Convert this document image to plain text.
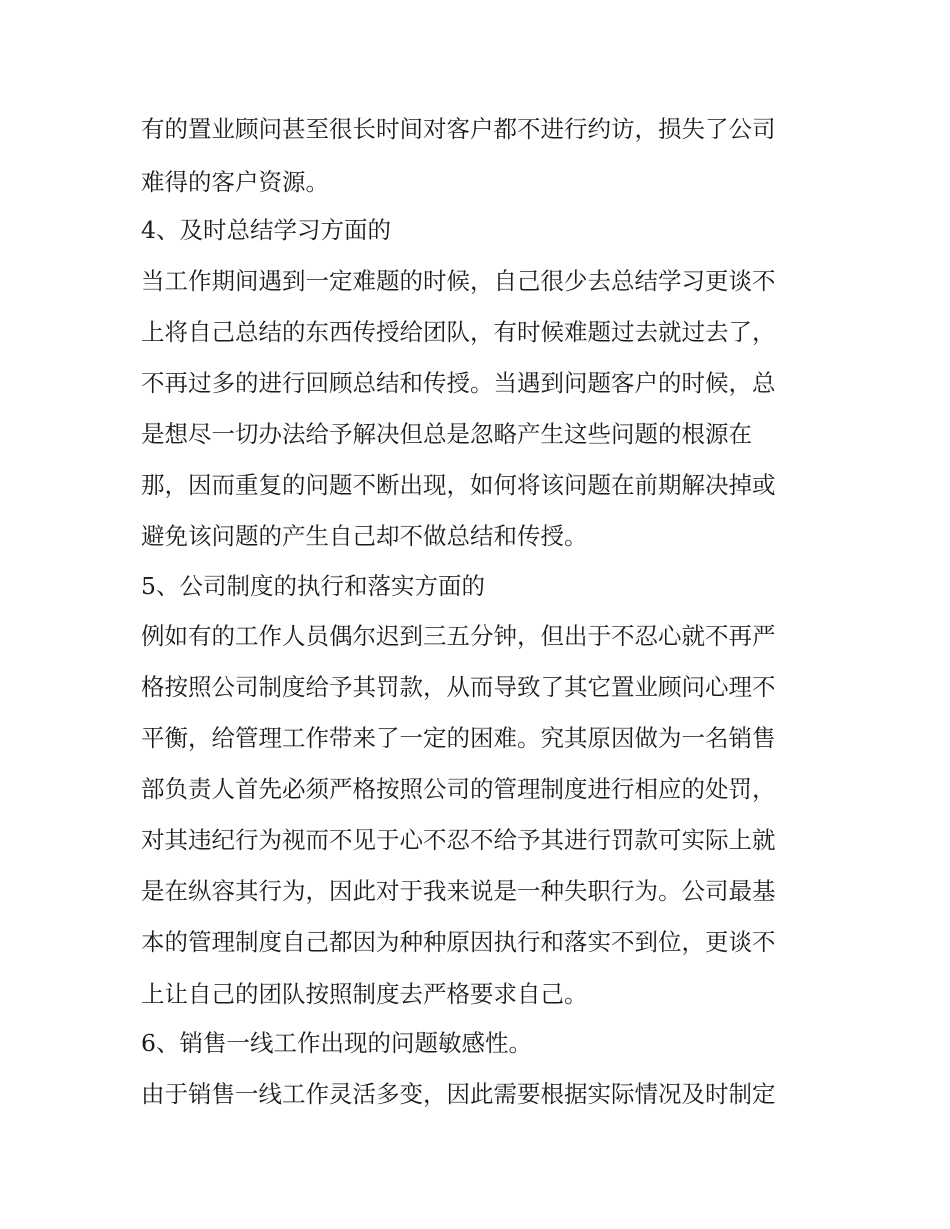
有的置业顾问甚至很长时间对客户都不进行约访，损失了公司
难得的客户资源。
4、及时总结学习方面的
当工作期间遇到一定难题的时候，自己很少去总结学习更谈不
上将自己总结的东西传授给团队，有时候难题过去就过去了，
不再过多的进行回顾总结和传授。当遇到问题客户的时候，总
是想尽一切办法给予解决但总是忽略产生这些问题的根源在
那，因而重复的问题不断出现，如何将该问题在前期解决掉或
避免该问题的产生自己却不做总结和传授。
5、公司制度的执行和落实方面的
例如有的工作人员偶尔迟到三五分钟，但出于不忍心就不再严
格按照公司制度给予其罚款，从而导致了其它置业顾问心理不
平衡，给管理工作带来了一定的困难。究其原因做为一名销售
部负责人首先必须严格按照公司的管理制度进行相应的处罚，
对其违纪行为视而不见于心不忍不给予其进行罚款可实际上就
是在纵容其行为，因此对于我来说是一种失职行为。公司最基
本的管理制度自己都因为种种原因执行和落实不到位，更谈不
上让自己的团队按照制度去严格要求自己。
6、销售一线工作出现的问题敏感性。
由于销售一线工作灵活多变，因此需要根据实际情况及时制定
